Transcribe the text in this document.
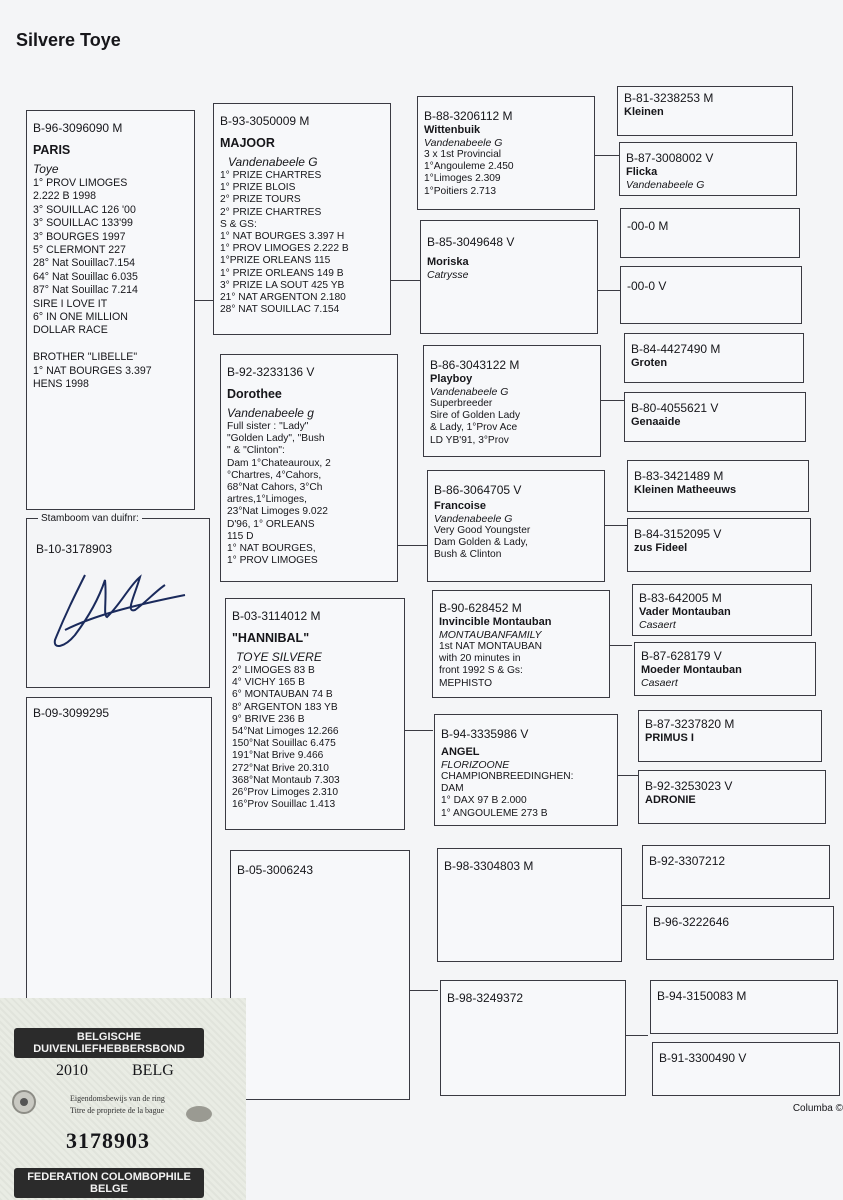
Silvere Toye
B-96-3096090 M
PARIS
Toye
1° PROV LIMOGES
2.222 B 1998
3° SOUILLAC 126 '00
3° SOUILLAC 133'99
3° BOURGES 1997
5° CLERMONT 227
28° Nat Souillac7.154
64° Nat Souillac 6.035
87° Nat Souillac 7.214
SIRE I LOVE IT
6° IN ONE MILLION
DOLLAR RACE

BROTHER "LIBELLE"
1° NAT BOURGES 3.397
HENS 1998
Stamboom van duifnr:
B-10-3178903
B-09-3099295
B-93-3050009 M
MAJOOR
Vandenabeele G
1° PRIZE CHARTRES
1° PRIZE BLOIS
2° PRIZE TOURS
2° PRIZE CHARTRES
S & GS:
1° NAT BOURGES 3.397 H
1° PROV LIMOGES 2.222 B
1°PRIZE ORLEANS 115
1° PRIZE ORLEANS 149 B
3° PRIZE LA SOUT 425 YB
21° NAT ARGENTON 2.180
28° NAT SOUILLAC 7.154
B-92-3233136 V
Dorothee
Vandenabeele g
Full sister : "Lady"
"Golden Lady", "Bush
" & "Clinton":
Dam 1°Chateauroux, 2
°Chartres, 4°Cahors,
68°Nat Cahors, 3°Ch
artres,1°Limoges,
23°Nat Limoges 9.022
D'96, 1° ORLEANS
115 D
1° NAT BOURGES,
1° PROV LIMOGES
B-03-3114012 M
"HANNIBAL"
TOYE SILVERE
2° LIMOGES 83 B
4° VICHY 165 B
6° MONTAUBAN 74 B
8° ARGENTON 183 YB
9° BRIVE 236 B
54°Nat Limoges 12.266
150°Nat Souillac 6.475
191°Nat Brive 9.466
272°Nat Brive 20.310
368°Nat Montaub 7.303
26°Prov Limoges 2.310
16°Prov Souillac 1.413
B-05-3006243
B-88-3206112 M
Wittenbuik
Vandenabeele G
3 x 1st Provincial
1°Angouleme 2.450
1°Limoges 2.309
1°Poitiers 2.713
B-85-3049648 V
Moriska
Catrysse
B-86-3043122 M
Playboy
Vandenabeele G
Superbreeder
Sire of Golden Lady
& Lady, 1°Prov Ace
LD YB'91, 3°Prov
B-86-3064705 V
Francoise
Vandenabeele G
Very Good Youngster
Dam Golden & Lady,
Bush & Clinton
B-90-628452 M
Invincible Montauban
MONTAUBANFAMILY
1st NAT MONTAUBAN
with 20 minutes in
front 1992 S & Gs:
MEPHISTO
B-94-3335986 V
ANGEL
FLORIZOONE
CHAMPIONBREEDINGHEN:
DAM
1° DAX 97 B 2.000
1° ANGOULEME 273 B
B-98-3304803 M
B-98-3249372
B-81-3238253 M
Kleinen
B-87-3008002 V
Flicka
Vandenabeele G
-00-0 M
-00-0 V
B-84-4427490 M
Groten
B-80-4055621 V
Genaaide
B-83-3421489 M
Kleinen Matheeuws
B-84-3152095 V
zus Fideel
B-83-642005 M
Vader Montauban
Casaert
B-87-628179 V
Moeder Montauban
Casaert
B-87-3237820 M
PRIMUS I
B-92-3253023 V
ADRONIE
B-92-3307212
B-96-3222646
B-94-3150083 M
B-91-3300490 V
Columba ©
BELGISCHE DUIVENLIEFHEBBERSBOND
2010	BELG
Eigendomsbewijs van de ring
Titre de propriete de la bague
3178903
FEDERATION COLOMBOPHILE BELGE
